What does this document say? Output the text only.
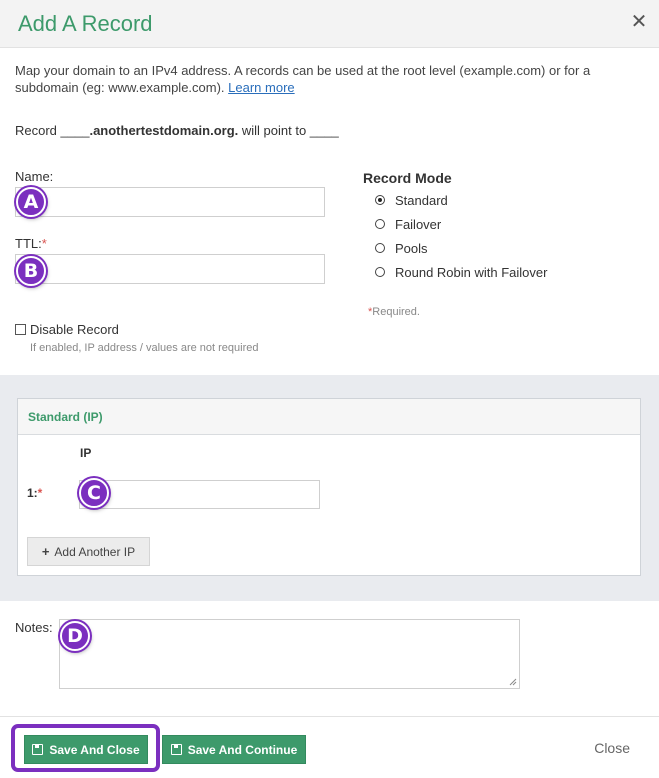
Add A Record	✕
Map your domain to an IPv4 address. A records can be used at the root level (example.com) or for a subdomain (eg: www.example.com). Learn more
Record ____.anothertestdomain.org. will point to ____
Name:
TTL:*
Record Mode
Standard
Failover
Pools
Round Robin with Failover
*Required.
Disable Record
If enabled, IP address / values are not required
Standard (IP)
IP
1:*
+ Add Another IP
Notes:
Save And Close	Save And Continue	Close
A
B
C
D
